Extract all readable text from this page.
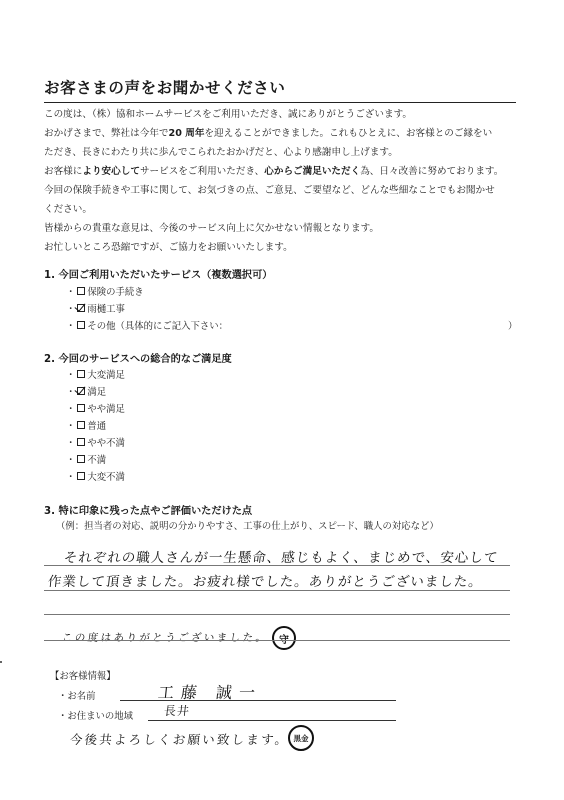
お客さまの声をお聞かせください

この度は、（株）協和ホームサービスをご利用いただき、誠にありがとうございます。

おかげさまで、弊社は今年で20 周年を迎えることができました。これもひとえに、お客様とのご縁をい

ただき、長きにわたり共に歩んでこられたおかげだと、心より感謝申し上げます。

お客様により安心してサービスをご利用いただき、心からご満足いただく為、日々改善に努めております。

今回の保険手続きや工事に関して、お気づきの点、ご意見、ご要望など、どんな些細なことでもお聞かせ

ください。

皆様からの貴重な意見は、今後のサービス向上に欠かせない情報となります。

お忙しいところ恐縮ですが、ご協力をお願いいたします。

1. 今回ご利用いただいたサービス（複数選択可）
・ 保険の手続き
・ 雨樋工事
・ その他（具体的にご記入下さい：	）
2. 今回のサービスへの総合的なご満足度
・ 大変満足
・ 満足
・ やや満足
・ 普通
・ やや不満
・ 不満
・ 大変不満
3. 特に印象に残った点やご評価いただけた点
（例：担当者の対応、説明の分かりやすさ、工事の仕上がり、スピード、職人の対応など）
それぞれの職人さんが一生懸命、感じもよく、まじめで、安心して
作業して頂きました。お疲れ様でした。ありがとうございました。
この度はありがとうございました。	守
【お客様情報】
・お名前	工藤 誠一
・お住まいの地域	長井
今後共よろしくお願い致します。 黒金
